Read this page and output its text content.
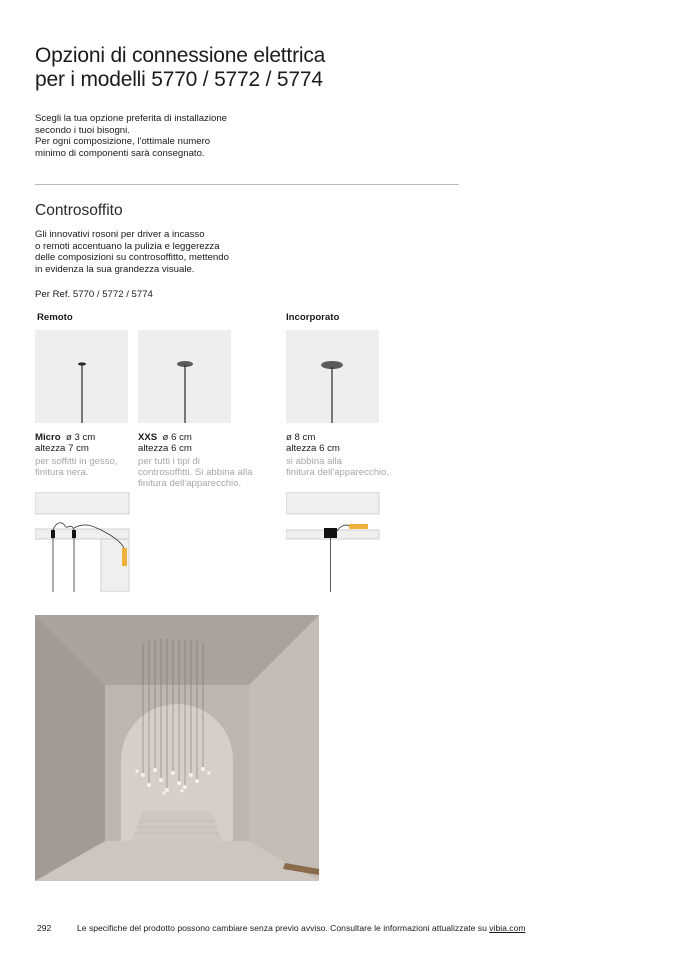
Opzioni di connessione elettrica
per i modelli 5770 / 5772 / 5774
Scegli la tua opzione preferita di installazione
secondo i tuoi bisogni.
Per ogni composizione, l'ottimale numero
minimo di componenti sarà consegnato.
Controsoffito
Gli innovativi rosoni per driver a incasso
o remoti accentuano la pulizia e leggerezza
delle composizioni su controsoffitto, mettendo
in evidenza la sua grandezza visuale.
Per Ref. 5770 / 5772 / 5774
Remoto	Incorporato
Micro ø 3 cm
altezza 7 cm
per soffitti in gesso,
finitura nera.
XXS ø 6 cm
altezza 6 cm
per tutti i tipi di
controsoffitti. Si abbina alla
finitura dell'apparecchio.
ø 8 cm
altezza 6 cm
si abbina alla
finitura dell'apparecchio.
292	Le specifiche del prodotto possono cambiare senza previo avviso. Consultare le informazioni attualizzate su vibia.com
